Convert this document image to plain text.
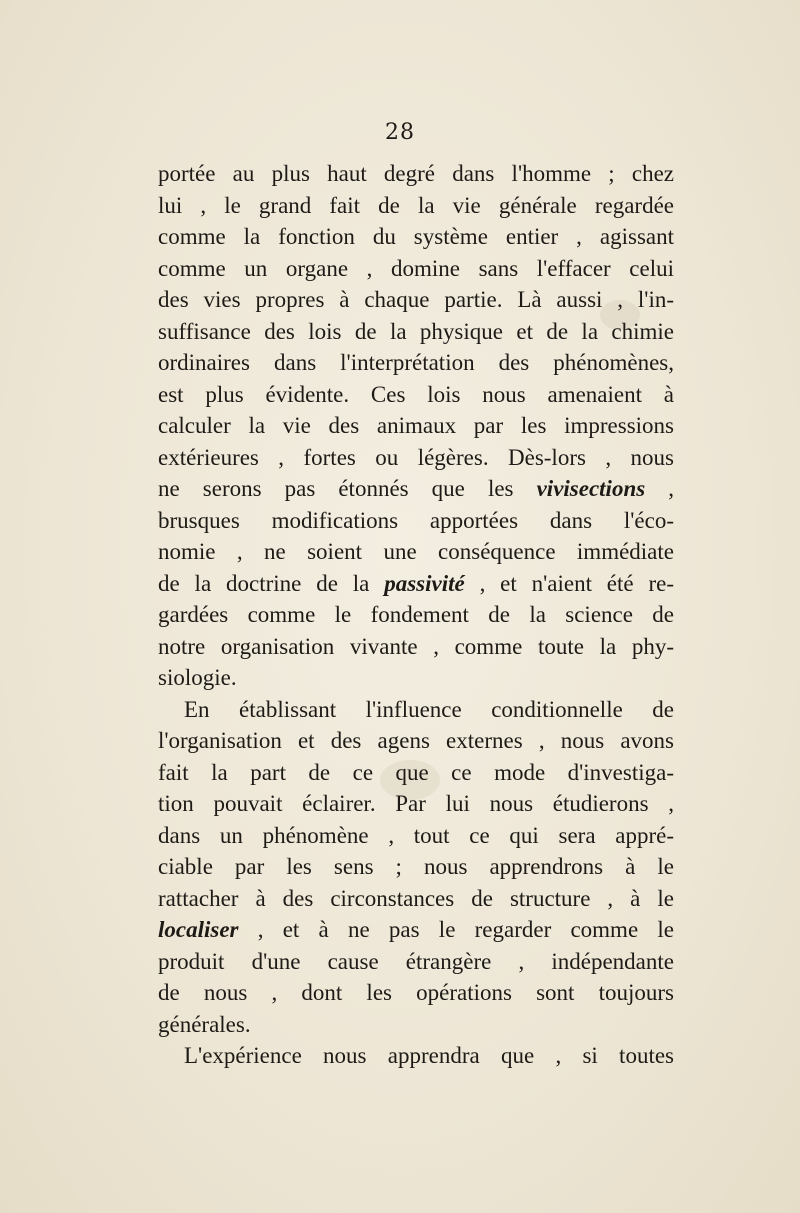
28
portée au plus haut degré dans l'homme ; chez
lui , le grand fait de la vie générale regardée
comme la fonction du système entier , agissant
comme un organe , domine sans l'effacer celui
des vies propres à chaque partie. Là aussi , l'in-
suffisance des lois de la physique et de la chimie
ordinaires dans l'interprétation des phénomènes,
est plus évidente. Ces lois nous amenaient à
calculer la vie des animaux par les impressions
extérieures , fortes ou légères. Dès-lors , nous
ne serons pas étonnés que les vivisections ,
brusques modifications apportées dans l'éco-
nomie , ne soient une conséquence immédiate
de la doctrine de la passivité , et n'aient été re-
gardées comme le fondement de la science de
notre organisation vivante , comme toute la phy-
siologie.
En établissant l'influence conditionnelle de
l'organisation et des agens externes , nous avons
fait la part de ce que ce mode d'investiga-
tion pouvait éclairer. Par lui nous étudierons ,
dans un phénomène , tout ce qui sera appré-
ciable par les sens ; nous apprendrons à le
rattacher à des circonstances de structure , à le
localiser , et à ne pas le regarder comme le
produit d'une cause étrangère , indépendante
de nous , dont les opérations sont toujours
générales.
L'expérience nous apprendra que , si toutes
